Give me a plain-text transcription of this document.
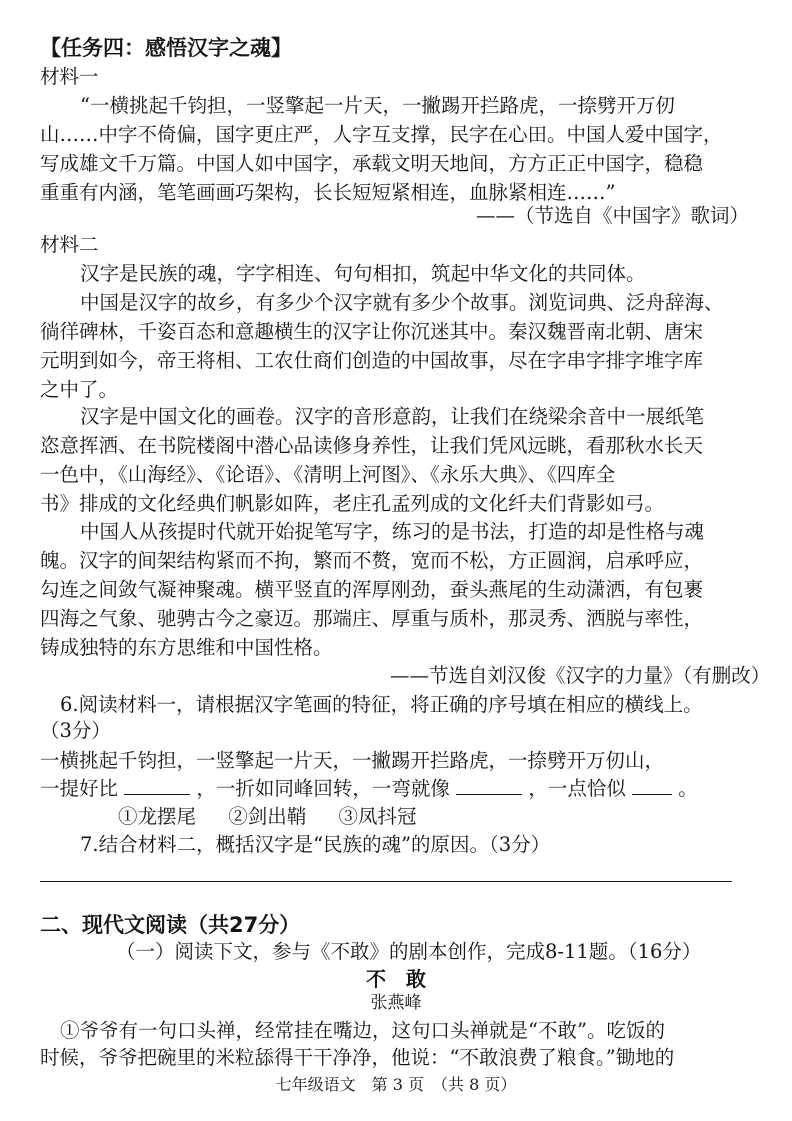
【任务四：感悟汉字之魂】
材料一
“一横挑起千钧担，一竖擎起一片天，一撇踢开拦路虎，一捺劈开万仞
山……中字不倚偏，国字更庄严，人字互支撑，民字在心田。中国人爱中国字，
写成雄文千万篇。中国人如中国字，承载文明天地间，方方正正中国字，稳稳
重重有内涵，笔笔画画巧架构，长长短短紧相连，血脉紧相连……”
——（节选自《中国字》歌词）
材料二
汉字是民族的魂，字字相连、句句相扣，筑起中华文化的共同体。
中国是汉字的故乡，有多少个汉字就有多少个故事。浏览词典、泛舟辞海、
徜徉碑林，千姿百态和意趣横生的汉字让你沉迷其中。秦汉魏晋南北朝、唐宋
元明到如今，帝王将相、工农仕商们创造的中国故事，尽在字串字排字堆字库
之中了。
汉字是中国文化的画卷。汉字的音形意韵，让我们在绕梁余音中一展纸笔
恣意挥洒、在书院楼阁中潜心品读修身养性，让我们凭风远眺，看那秋水长天
一色中，《山海经》、《论语》、《清明上河图》、《永乐大典》、《四库全
书》排成的文化经典们帆影如阵，老庄孔孟列成的文化纤夫们背影如弓。
中国人从孩提时代就开始捉笔写字，练习的是书法，打造的却是性格与魂
魄。汉字的间架结构紧而不拘，繁而不赘，宽而不松，方正圆润，启承呼应，
勾连之间敛气凝神聚魂。横平竖直的浑厚刚劲，蚕头燕尾的生动潇洒，有包裹
四海之气象、驰骋古今之豪迈。那端庄、厚重与质朴，那灵秀、洒脱与率性，
铸成独特的东方思维和中国性格。
——节选自刘汉俊《汉字的力量》（有删改）
6.阅读材料一，请根据汉字笔画的特征，将正确的序号填在相应的横线上。
（3分）
一横挑起千钧担，一竖擎起一片天，一撇踢开拦路虎，一捺劈开万仞山，
一提好比	，一折如同峰回转，一弯就像	，一点恰似	。
①龙摆尾 ②剑出鞘 ③凤抖冠
7.结合材料二，概括汉字是“民族的魂”的原因。（3分）
二、现代文阅读（共27分）
（一）阅读下文，参与《不敢》的剧本创作，完成8-11题。（16分）
不　敢
张燕峰
①爷爷有一句口头禅，经常挂在嘴边，这句口头禅就是“不敢”。吃饭的
时候，爷爷把碗里的米粒舔得干干净净，他说：“不敢浪费了粮食。”锄地的
七年级语文　第 3 页　（共 8 页）
